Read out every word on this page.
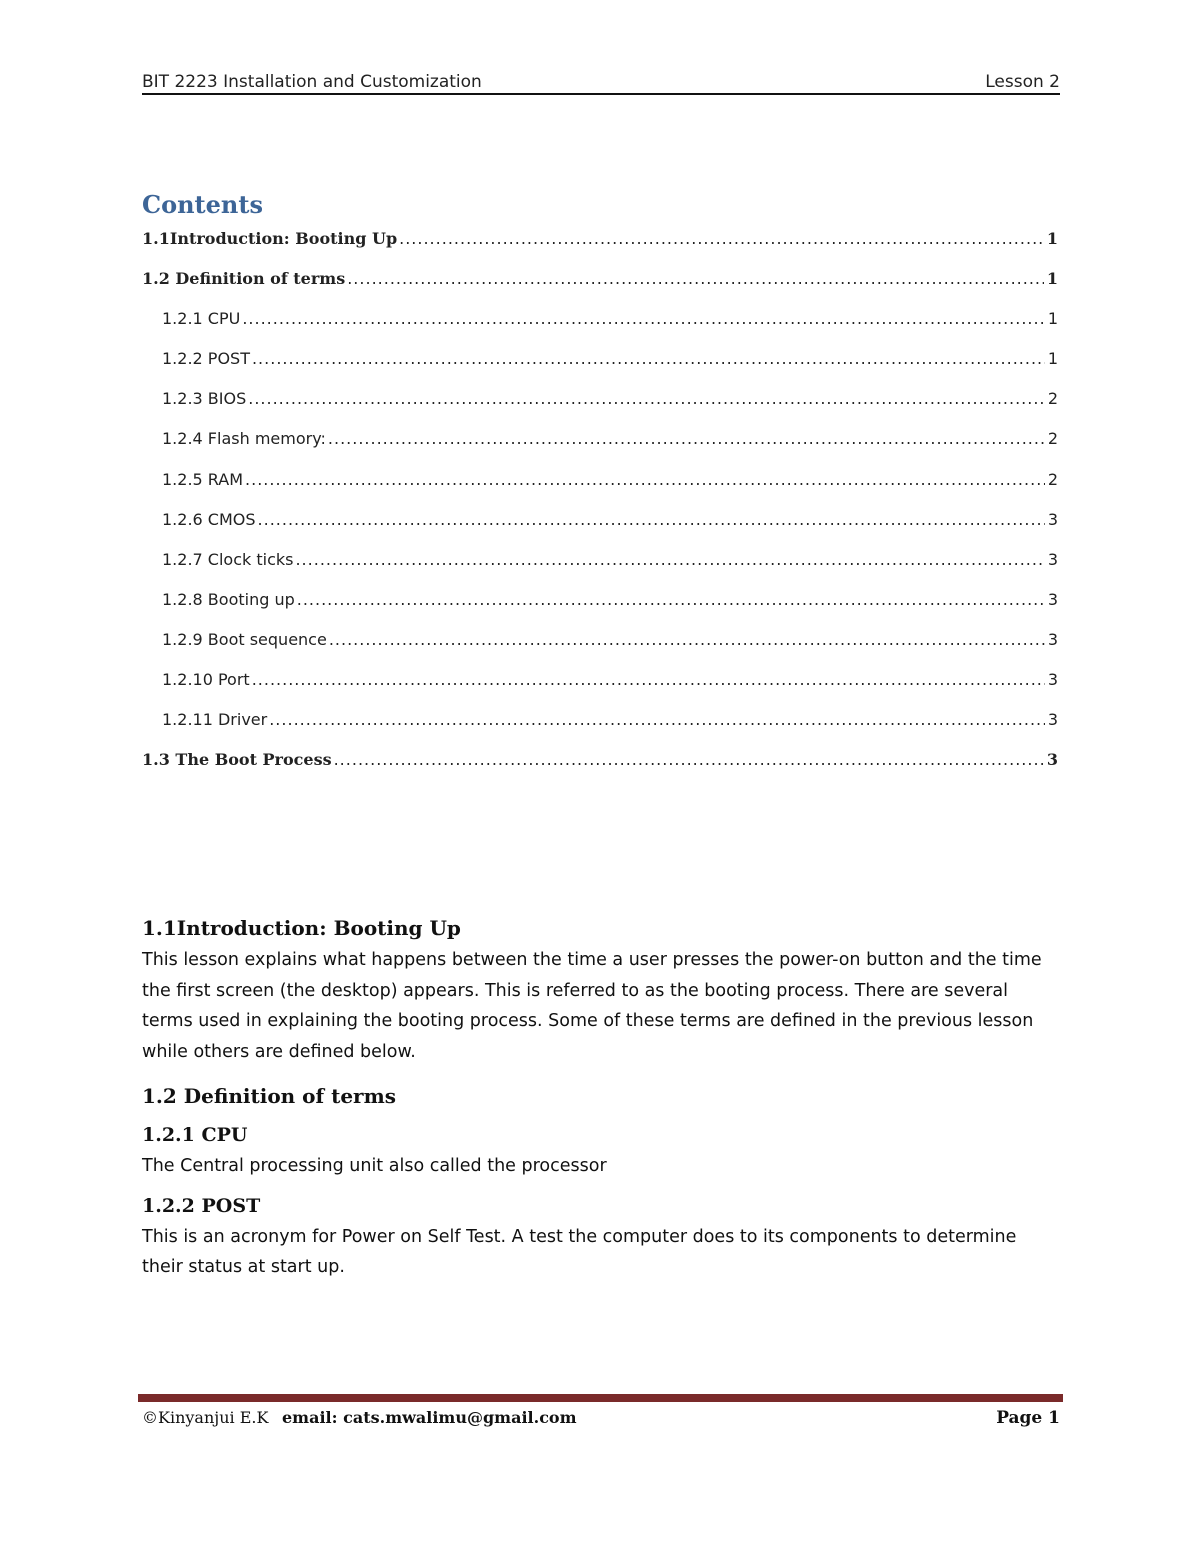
BIT 2223 Installation and Customization	Lesson 2
Contents
1.1Introduction: Booting Up .....	1
1.2 Definition of terms .....	1
1.2.1 CPU .....	1
1.2.2 POST .....	1
1.2.3 BIOS .....	2
1.2.4 Flash memory: .....	2
1.2.5 RAM .....	2
1.2.6 CMOS .....	3
1.2.7 Clock ticks .....	3
1.2.8 Booting up .....	3
1.2.9 Boot sequence .....	3
1.2.10 Port .....	3
1.2.11 Driver .....	3
1.3 The Boot Process .....	3
1.1Introduction: Booting Up

This lesson explains what happens between the time a user presses the power-on button and the time the first screen (the desktop) appears. This is referred to as the booting process. There are several terms used in explaining the booting process. Some of these terms are defined in the previous lesson while others are defined below.

1.2 Definition of terms
1.2.1 CPU

The Central processing unit also called the processor

1.2.2 POST

This is an acronym for Power on Self Test. A test the computer does to its components to determine their status at start up.

©Kinyanjui E.K email: cats.mwalimu@gmail.com	Page 1
